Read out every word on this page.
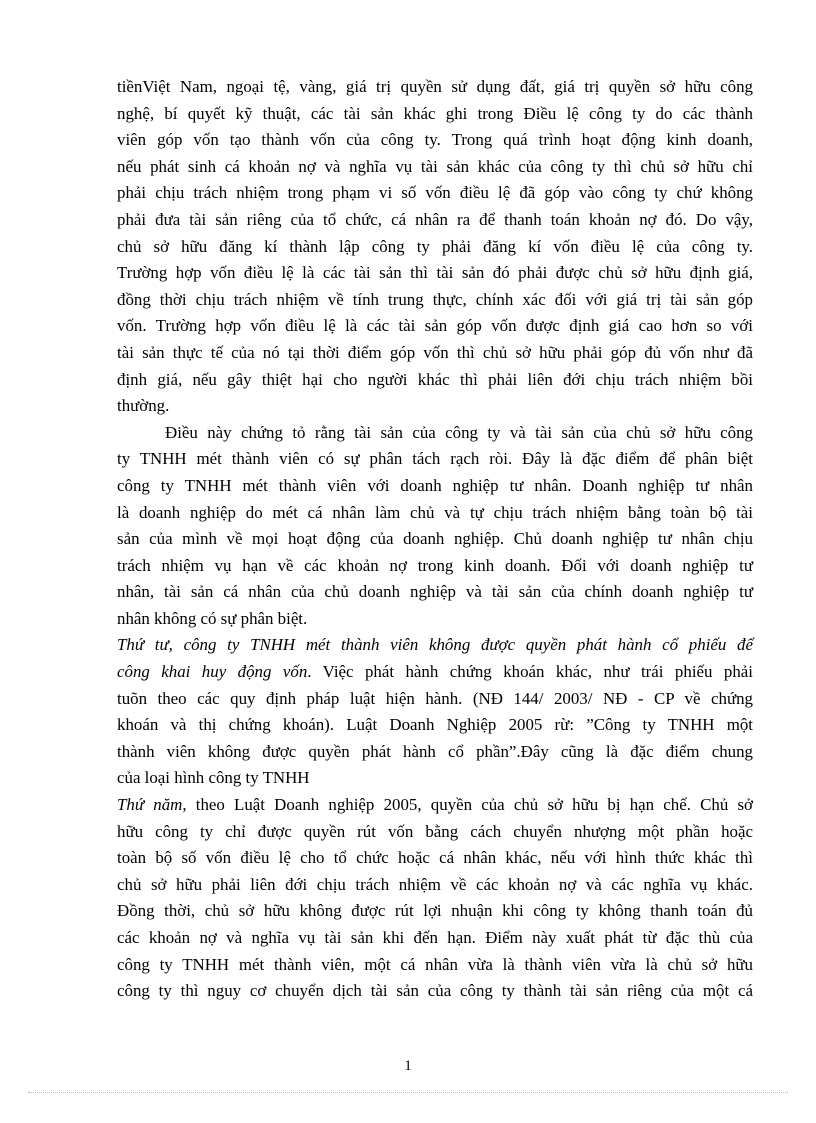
tiềnViệt Nam, ngoại tệ, vàng, giá trị quyền sử dụng đất, giá trị quyền sở hữu công
nghệ, bí quyết kỹ thuật, các tài sản khác ghi trong Điều lệ công ty do các thành
viên góp vốn tạo thành vốn của công ty. Trong quá trình hoạt động kinh doanh,
nếu phát sinh cá khoản nợ và nghĩa vụ tài sản khác của công ty thì chủ sở hữu chỉ
phải chịu trách nhiệm trong phạm vi số vốn điều lệ đã góp vào công ty chứ không
phải đưa tài sản riêng của tổ chức, cá nhân ra để thanh toán khoản nợ đó. Do vậy,
chủ sở hữu đăng kí thành lập công ty phải đăng kí vốn điều lệ của công ty.
Trường hợp vốn điều lệ là các tài sản thì tài sản đó phải được chủ sở hữu định giá,
đồng thời chịu trách nhiệm về tính trung thực, chính xác đối với giá trị tài sản góp
vốn. Trường hợp vốn điều lệ là các tài sản góp vốn được định giá cao hơn so với
tài sản thực tế của nó tại thời điểm góp vốn thì chủ sở hữu phải góp đủ vốn như đã
định giá, nếu gây thiệt hại cho người khác thì phải liên đới chịu trách nhiệm bồi
thường.
Điều này chứng tỏ rằng tài sản của công ty và tài sản của chủ sở hữu công
ty TNHH mét thành viên có sự phân tách rạch ròi. Đây là đặc điểm để phân biệt
công ty TNHH mét thành viên với doanh nghiệp tư nhân. Doanh nghiệp tư nhân
là doanh nghiệp do mét cá nhân làm chủ và tự chịu trách nhiệm bằng toàn bộ tài
sản của mình về mọi hoạt động của doanh nghiệp. Chủ doanh nghiệp tư nhân chịu
trách nhiệm vụ hạn về các khoản nợ trong kinh doanh. Đối với doanh nghiệp tư
nhân, tài sản cá nhân của chủ doanh nghiệp và tài sản của chính doanh nghiệp tư
nhân không có sự phân biệt.
Thứ tư, công ty TNHH mét thành viên không được quyền phát hành cổ phiếu để
công khai huy động vốn. Việc phát hành chứng khoán khác, như trái phiếu phải
tuõn theo các quy định pháp luật hiện hành. (NĐ 144/ 2003/ NĐ - CP về chứng
khoán và thị chứng khoán). Luật Doanh Nghiệp 2005 rừ: ”Công ty TNHH một
thành viên không được quyền phát hành cổ phần”.Đây cũng là đặc điểm chung
của loại hình công ty TNHH
Thứ năm, theo Luật Doanh nghiệp 2005, quyền của chủ sở hữu bị hạn chế. Chủ sở
hữu công ty chỉ được quyền rút vốn bằng cách chuyển nhượng một phần hoặc
toàn bộ số vốn điều lệ cho tổ chức hoặc cá nhân khác, nếu với hình thức khác thì
chủ sở hữu phải liên đới chịu trách nhiệm về các khoản nợ và các nghĩa vụ khác.
Đồng thời, chủ sở hữu không được rút lợi nhuận khi công ty không thanh toán đủ
các khoản nợ và nghĩa vụ tài sản khi đến hạn. Điểm này xuất phát từ đặc thù của
công ty TNHH mét thành viên, một cá nhân vừa là thành viên vừa là chủ sở hữu
công ty thì nguy cơ chuyển dịch tài sản của công ty thành tài sản riêng của một cá
1
